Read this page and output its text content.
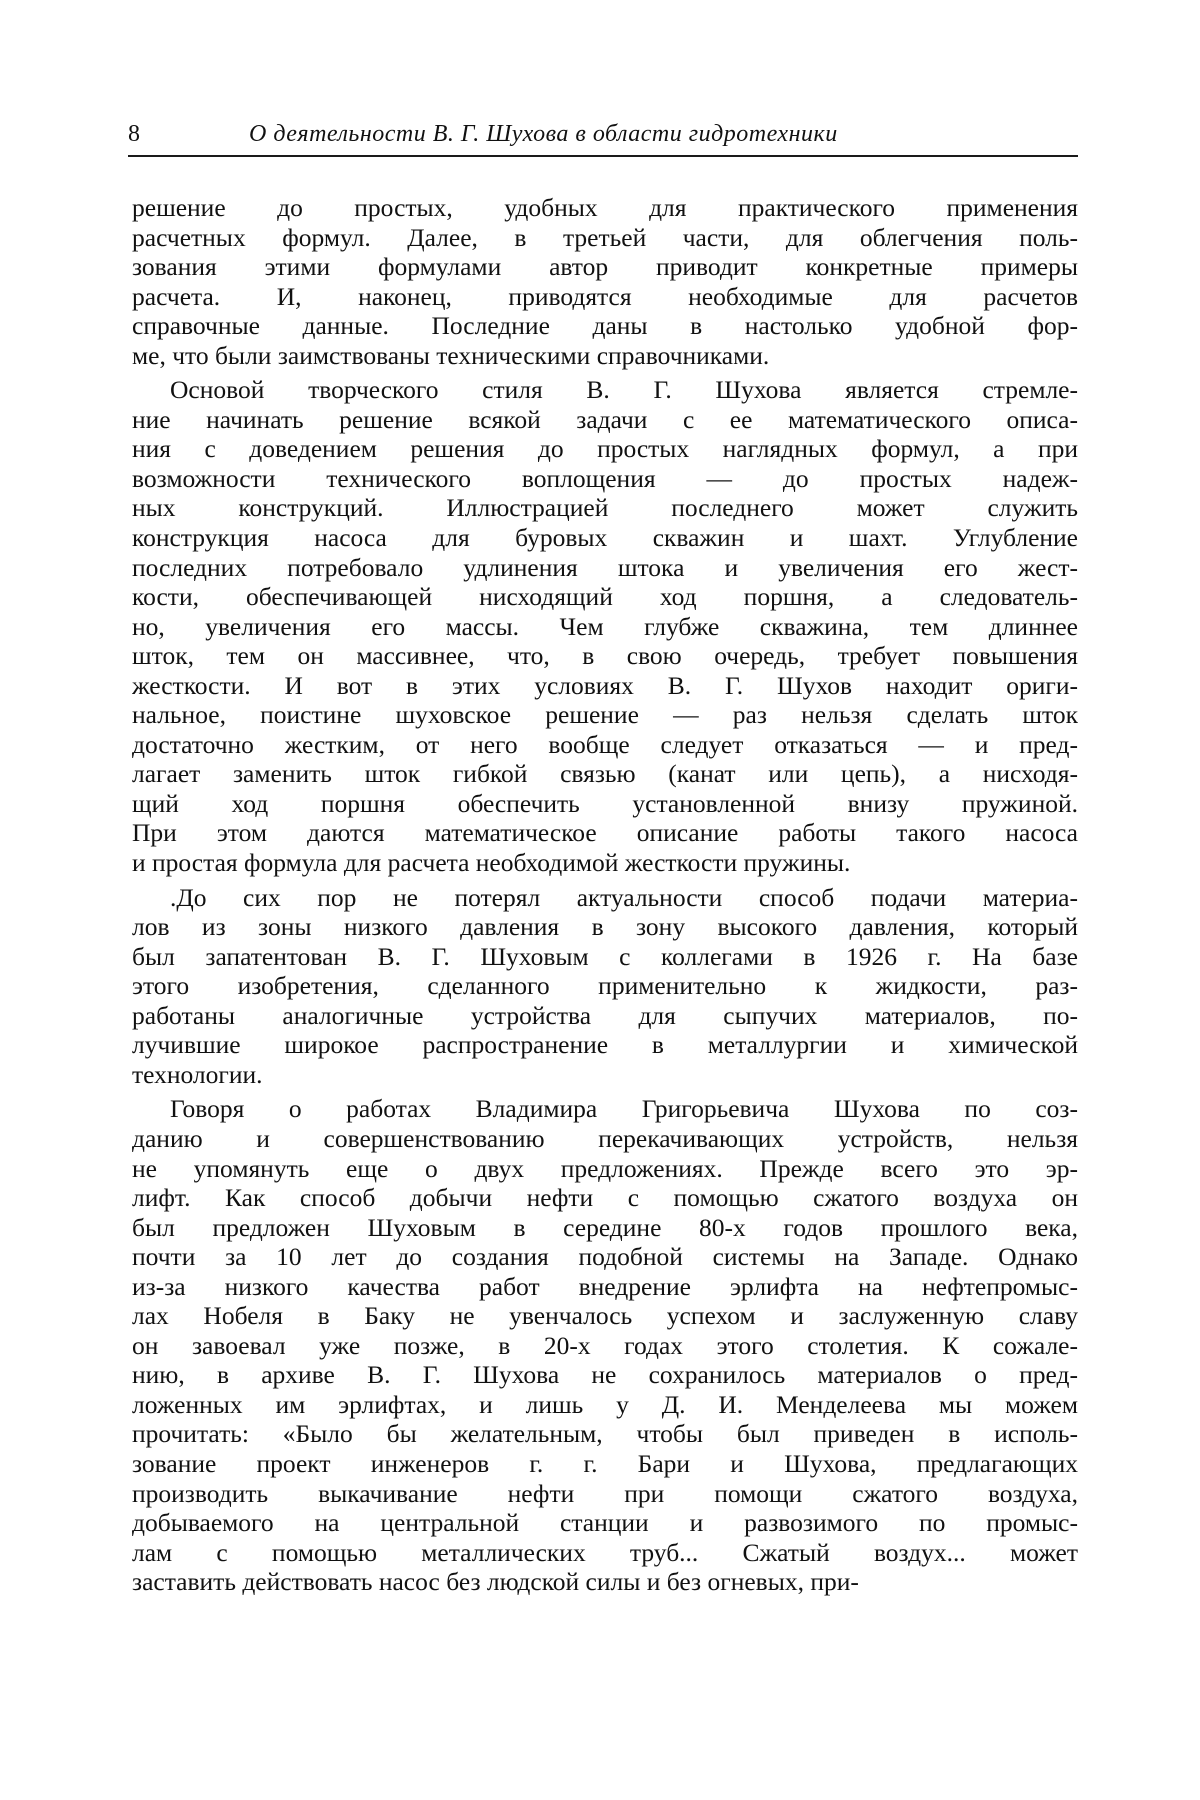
8	О деятельности В. Г. Шухова в области гидротехники
решение до простых, удобных для практического применения
расчетных формул. Далее, в третьей части, для облегчения поль-
зования этими формулами автор приводит конкретные примеры
расчета. И, наконец, приводятся необходимые для расчетов
справочные данные. Последние даны в настолько удобной фор-
ме, что были заимствованы техническими справочниками.
Основой творческого стиля В. Г. Шухова является стремле-
ние начинать решение всякой задачи с ее математического описа-
ния с доведением решения до простых наглядных формул, а при
возможности технического воплощения — до простых надеж-
ных конструкций. Иллюстрацией последнего может служить
конструкция насоса для буровых скважин и шахт. Углубление
последних потребовало удлинения штока и увеличения его жест-
кости, обеспечивающей нисходящий ход поршня, а следователь-
но, увеличения его массы. Чем глубже скважина, тем длиннее
шток, тем он массивнее, что, в свою очередь, требует повышения
жесткости. И вот в этих условиях В. Г. Шухов находит ориги-
нальное, поистине шуховское решение — раз нельзя сделать шток
достаточно жестким, от него вообще следует отказаться — и пред-
лагает заменить шток гибкой связью (канат или цепь), а нисходя-
щий ход поршня обеспечить установленной внизу пружиной.
При этом даются математическое описание работы такого насоса
и простая формула для расчета необходимой жесткости пружины.
.До сих пор не потерял актуальности способ подачи материа-
лов из зоны низкого давления в зону высокого давления, который
был запатентован В. Г. Шуховым с коллегами в 1926 г. На базе
этого изобретения, сделанного применительно к жидкости, раз-
работаны аналогичные устройства для сыпучих материалов, по-
лучившие широкое распространение в металлургии и химической
технологии.
Говоря о работах Владимира Григорьевича Шухова по соз-
данию и совершенствованию перекачивающих устройств, нельзя
не упомянуть еще о двух предложениях. Прежде всего это эр-
лифт. Как способ добычи нефти с помощью сжатого воздуха он
был предложен Шуховым в середине 80-х годов прошлого века,
почти за 10 лет до создания подобной системы на Западе. Однако
из-за низкого качества работ внедрение эрлифта на нефтепромыс-
лах Нобеля в Баку не увенчалось успехом и заслуженную славу
он завоевал уже позже, в 20-х годах этого столетия. К сожале-
нию, в архиве В. Г. Шухова не сохранилось материалов о пред-
ложенных им эрлифтах, и лишь у Д. И. Менделеева мы можем
прочитать: «Было бы желательным, чтобы был приведен в исполь-
зование проект инженеров г. г. Бари и Шухова, предлагающих
производить выкачивание нефти при помощи сжатого воздуха,
добываемого на центральной станции и развозимого по промыс-
лам с помощью металлических труб... Сжатый воздух... может
заставить действовать насос без людской силы и без огневых, при-
